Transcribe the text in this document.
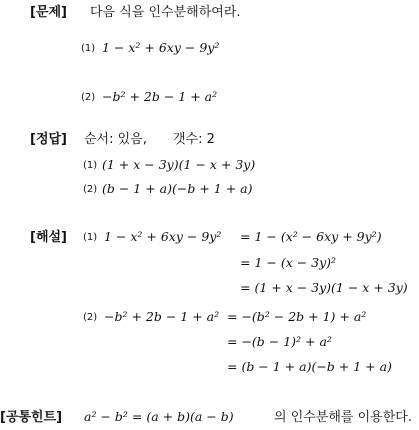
[문제] 다음 식을 인수분해하여라.
(1) 1 − x² + 6xy − 9y²
(2) −b² + 2b − 1 + a²
[정답] 순서: 있음, 갯수: 2
(1) (1 + x − 3y)(1 − x + 3y)
(2) (b − 1 + a)(−b + 1 + a)
[해설] (1) 1 − x² + 6xy − 9y² = 1 − (x² − 6xy + 9y²)
= 1 − (x − 3y)²
= (1 + x − 3y)(1 − x + 3y)
(2) −b² + 2b − 1 + a² = −(b² − 2b + 1) + a²
= −(b − 1)² + a²
= (b − 1 + a)(−b + 1 + a)
[공통힌트] a² − b² = (a + b)(a − b)	의 인수분해를 이용한다.
